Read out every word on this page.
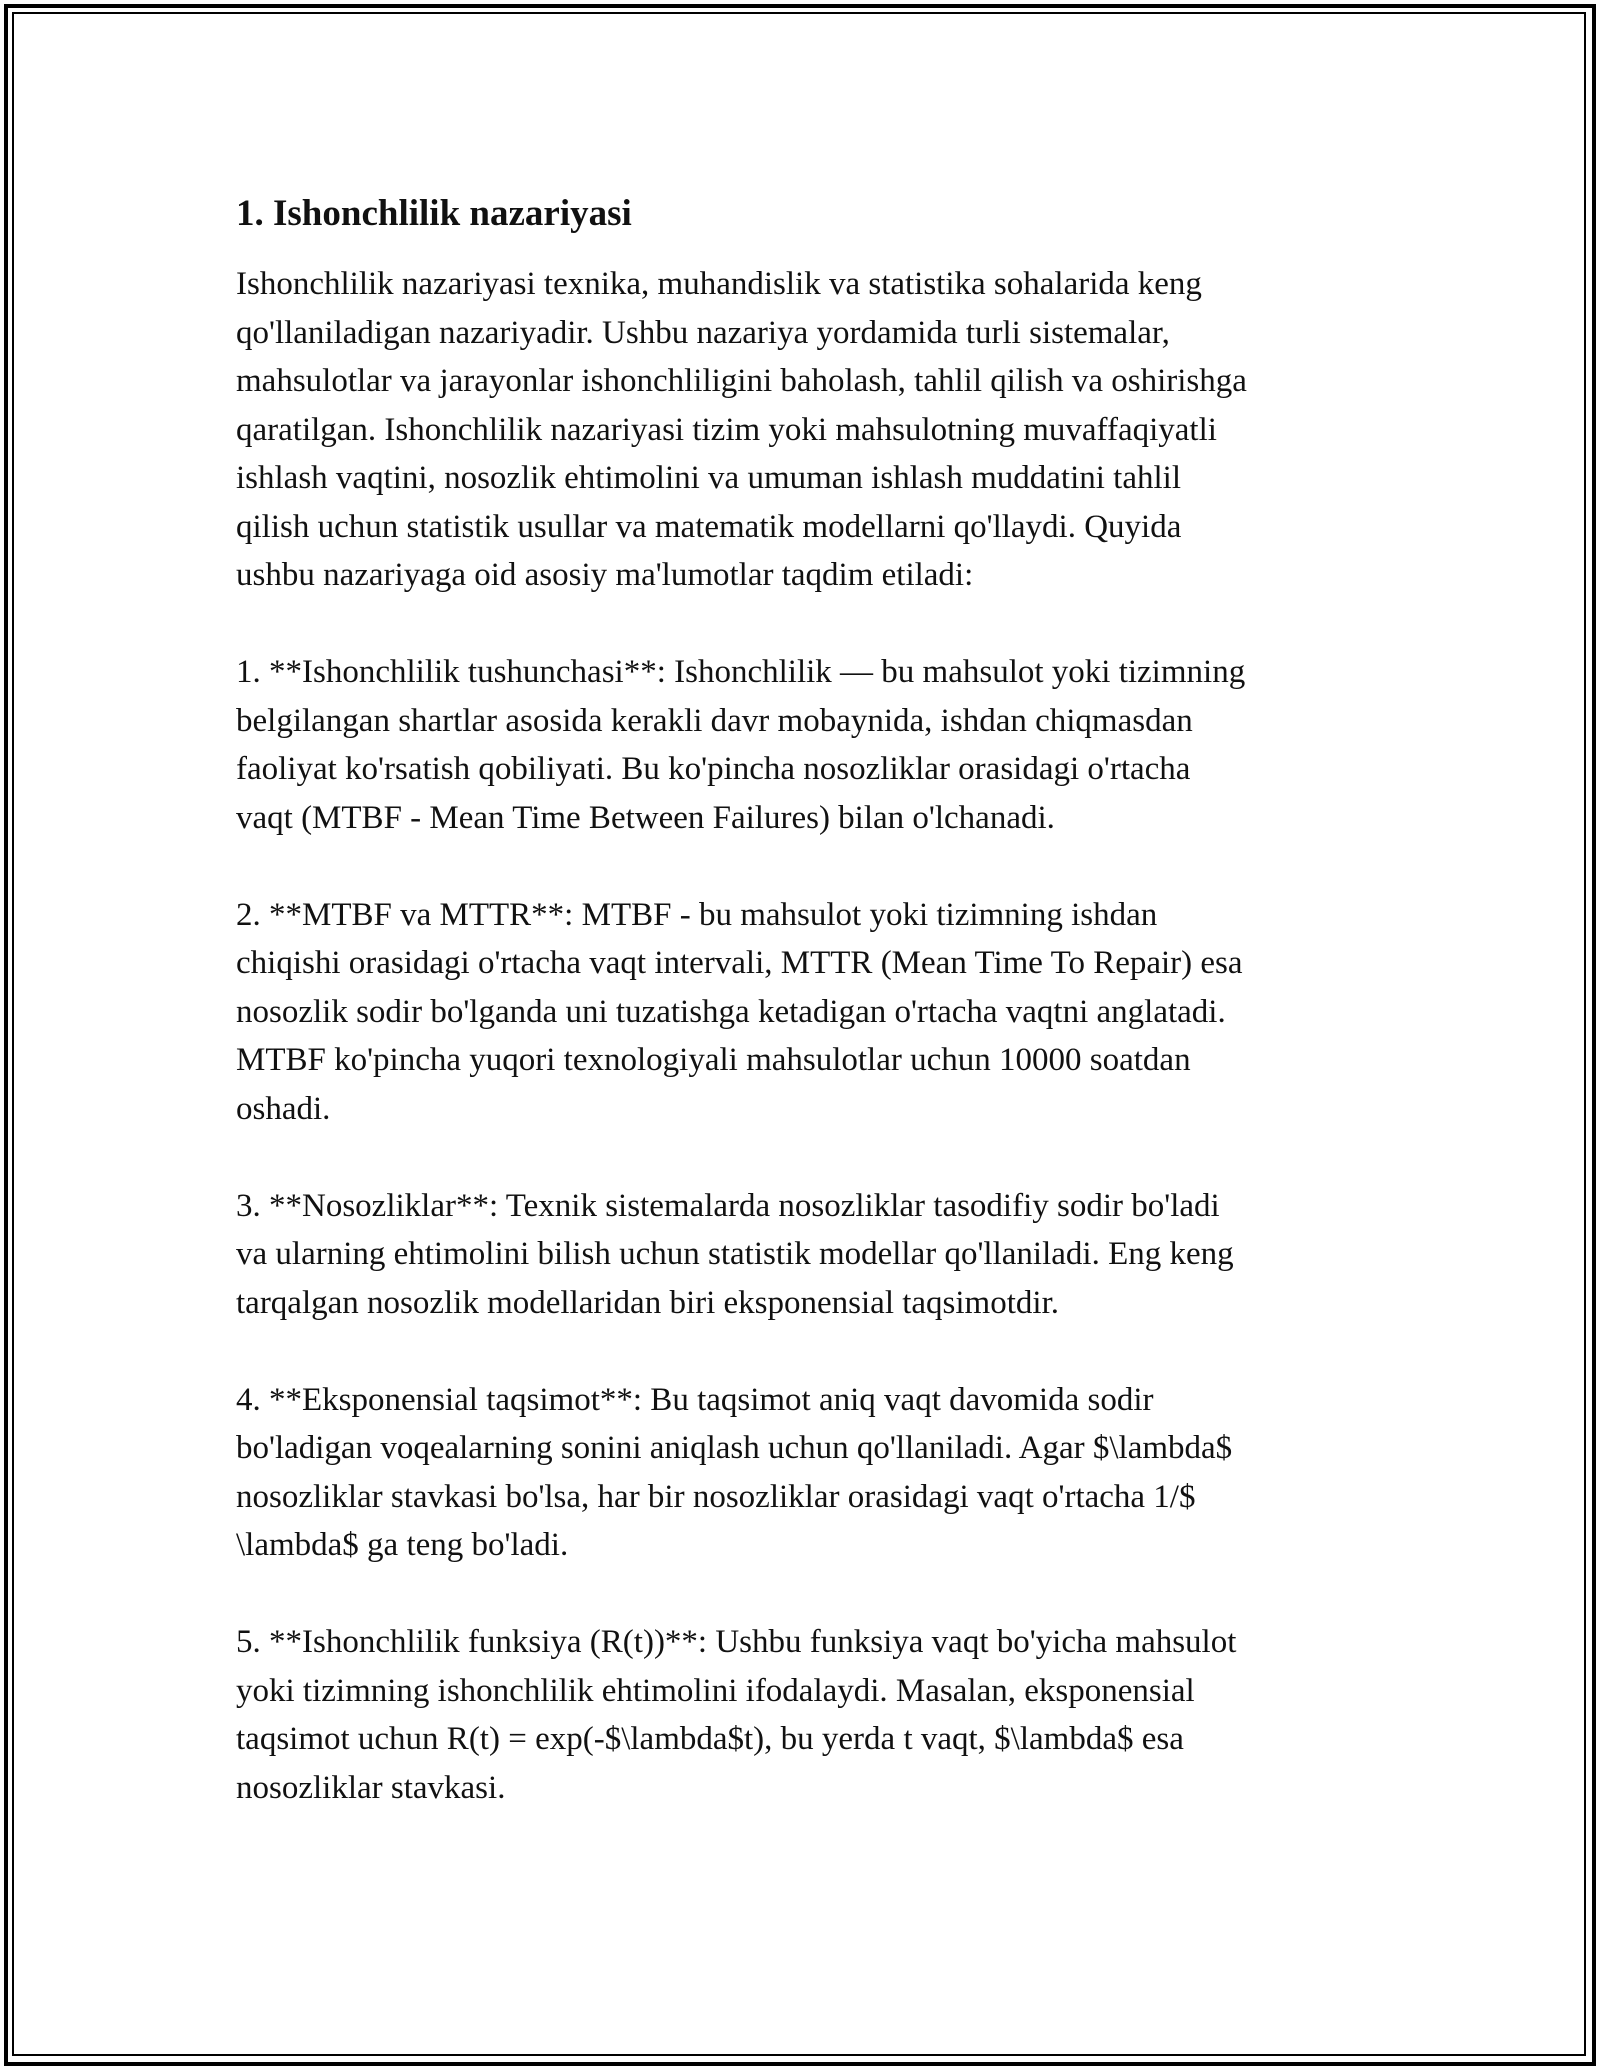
1. Ishonchlilik nazariyasi
Ishonchlilik nazariyasi texnika, muhandislik va statistika sohalarida keng
qo'llaniladigan nazariyadir. Ushbu nazariya yordamida turli sistemalar,
mahsulotlar va jarayonlar ishonchliligini baholash, tahlil qilish va oshirishga
qaratilgan. Ishonchlilik nazariyasi tizim yoki mahsulotning muvaffaqiyatli
ishlash vaqtini, nosozlik ehtimolini va umuman ishlash muddatini tahlil
qilish uchun statistik usullar va matematik modellarni qo'llaydi. Quyida
ushbu nazariyaga oid asosiy ma'lumotlar taqdim etiladi:
1. **Ishonchlilik tushunchasi**: Ishonchlilik — bu mahsulot yoki tizimning
belgilangan shartlar asosida kerakli davr mobaynida, ishdan chiqmasdan
faoliyat ko'rsatish qobiliyati. Bu ko'pincha nosozliklar orasidagi o'rtacha
vaqt (MTBF - Mean Time Between Failures) bilan o'lchanadi.
2. **MTBF va MTTR**: MTBF - bu mahsulot yoki tizimning ishdan
chiqishi orasidagi o'rtacha vaqt intervali, MTTR (Mean Time To Repair) esa
nosozlik sodir bo'lganda uni tuzatishga ketadigan o'rtacha vaqtni anglatadi.
MTBF ko'pincha yuqori texnologiyali mahsulotlar uchun 10000 soatdan
oshadi.
3. **Nosozliklar**: Texnik sistemalarda nosozliklar tasodifiy sodir bo'ladi
va ularning ehtimolini bilish uchun statistik modellar qo'llaniladi. Eng keng
tarqalgan nosozlik modellaridan biri eksponensial taqsimotdir.
4. **Eksponensial taqsimot**: Bu taqsimot aniq vaqt davomida sodir
bo'ladigan voqealarning sonini aniqlash uchun qo'llaniladi. Agar $\lambda$
nosozliklar stavkasi bo'lsa, har bir nosozliklar orasidagi vaqt o'rtacha 1/$
\lambda$ ga teng bo'ladi.
5. **Ishonchlilik funksiya (R(t))**: Ushbu funksiya vaqt bo'yicha mahsulot
yoki tizimning ishonchlilik ehtimolini ifodalaydi. Masalan, eksponensial
taqsimot uchun R(t) = exp(-$\lambda$t), bu yerda t vaqt, $\lambda$ esa
nosozliklar stavkasi.
